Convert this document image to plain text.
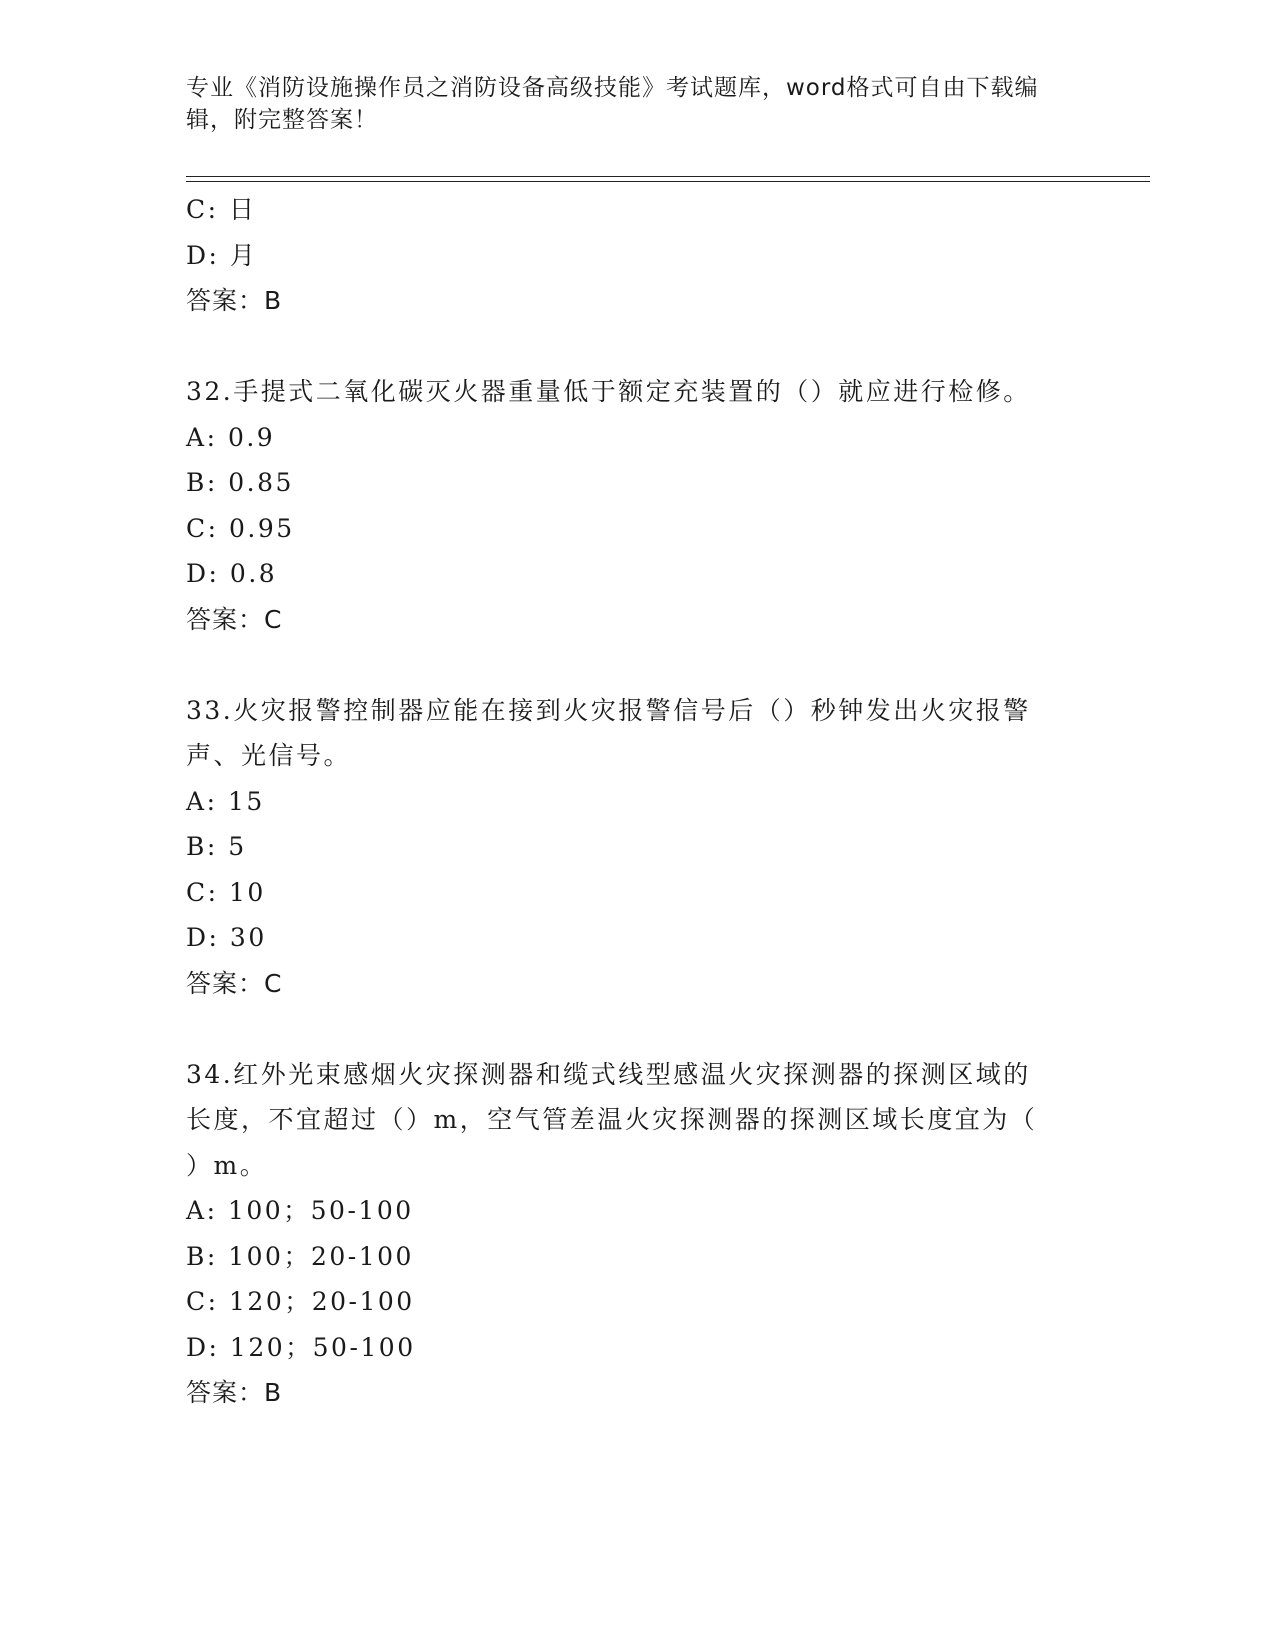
专业《消防设施操作员之消防设备高级技能》考试题库，word格式可自由下载编
辑，附完整答案！
C: 日
D: 月
答案：B
32.手提式二氧化碳灭火器重量低于额定充装置的（）就应进行检修。
A: 0.9
B: 0.85
C: 0.95
D: 0.8
答案：C
33.火灾报警控制器应能在接到火灾报警信号后（）秒钟发出火灾报警
声、光信号。
A: 15
B: 5
C: 10
D: 30
答案：C
34.红外光束感烟火灾探测器和缆式线型感温火灾探测器的探测区域的
长度，不宜超过（）m，空气管差温火灾探测器的探测区域长度宜为（
）m。
A: 100；50-100
B: 100；20-100
C: 120；20-100
D: 120；50-100
答案：B
